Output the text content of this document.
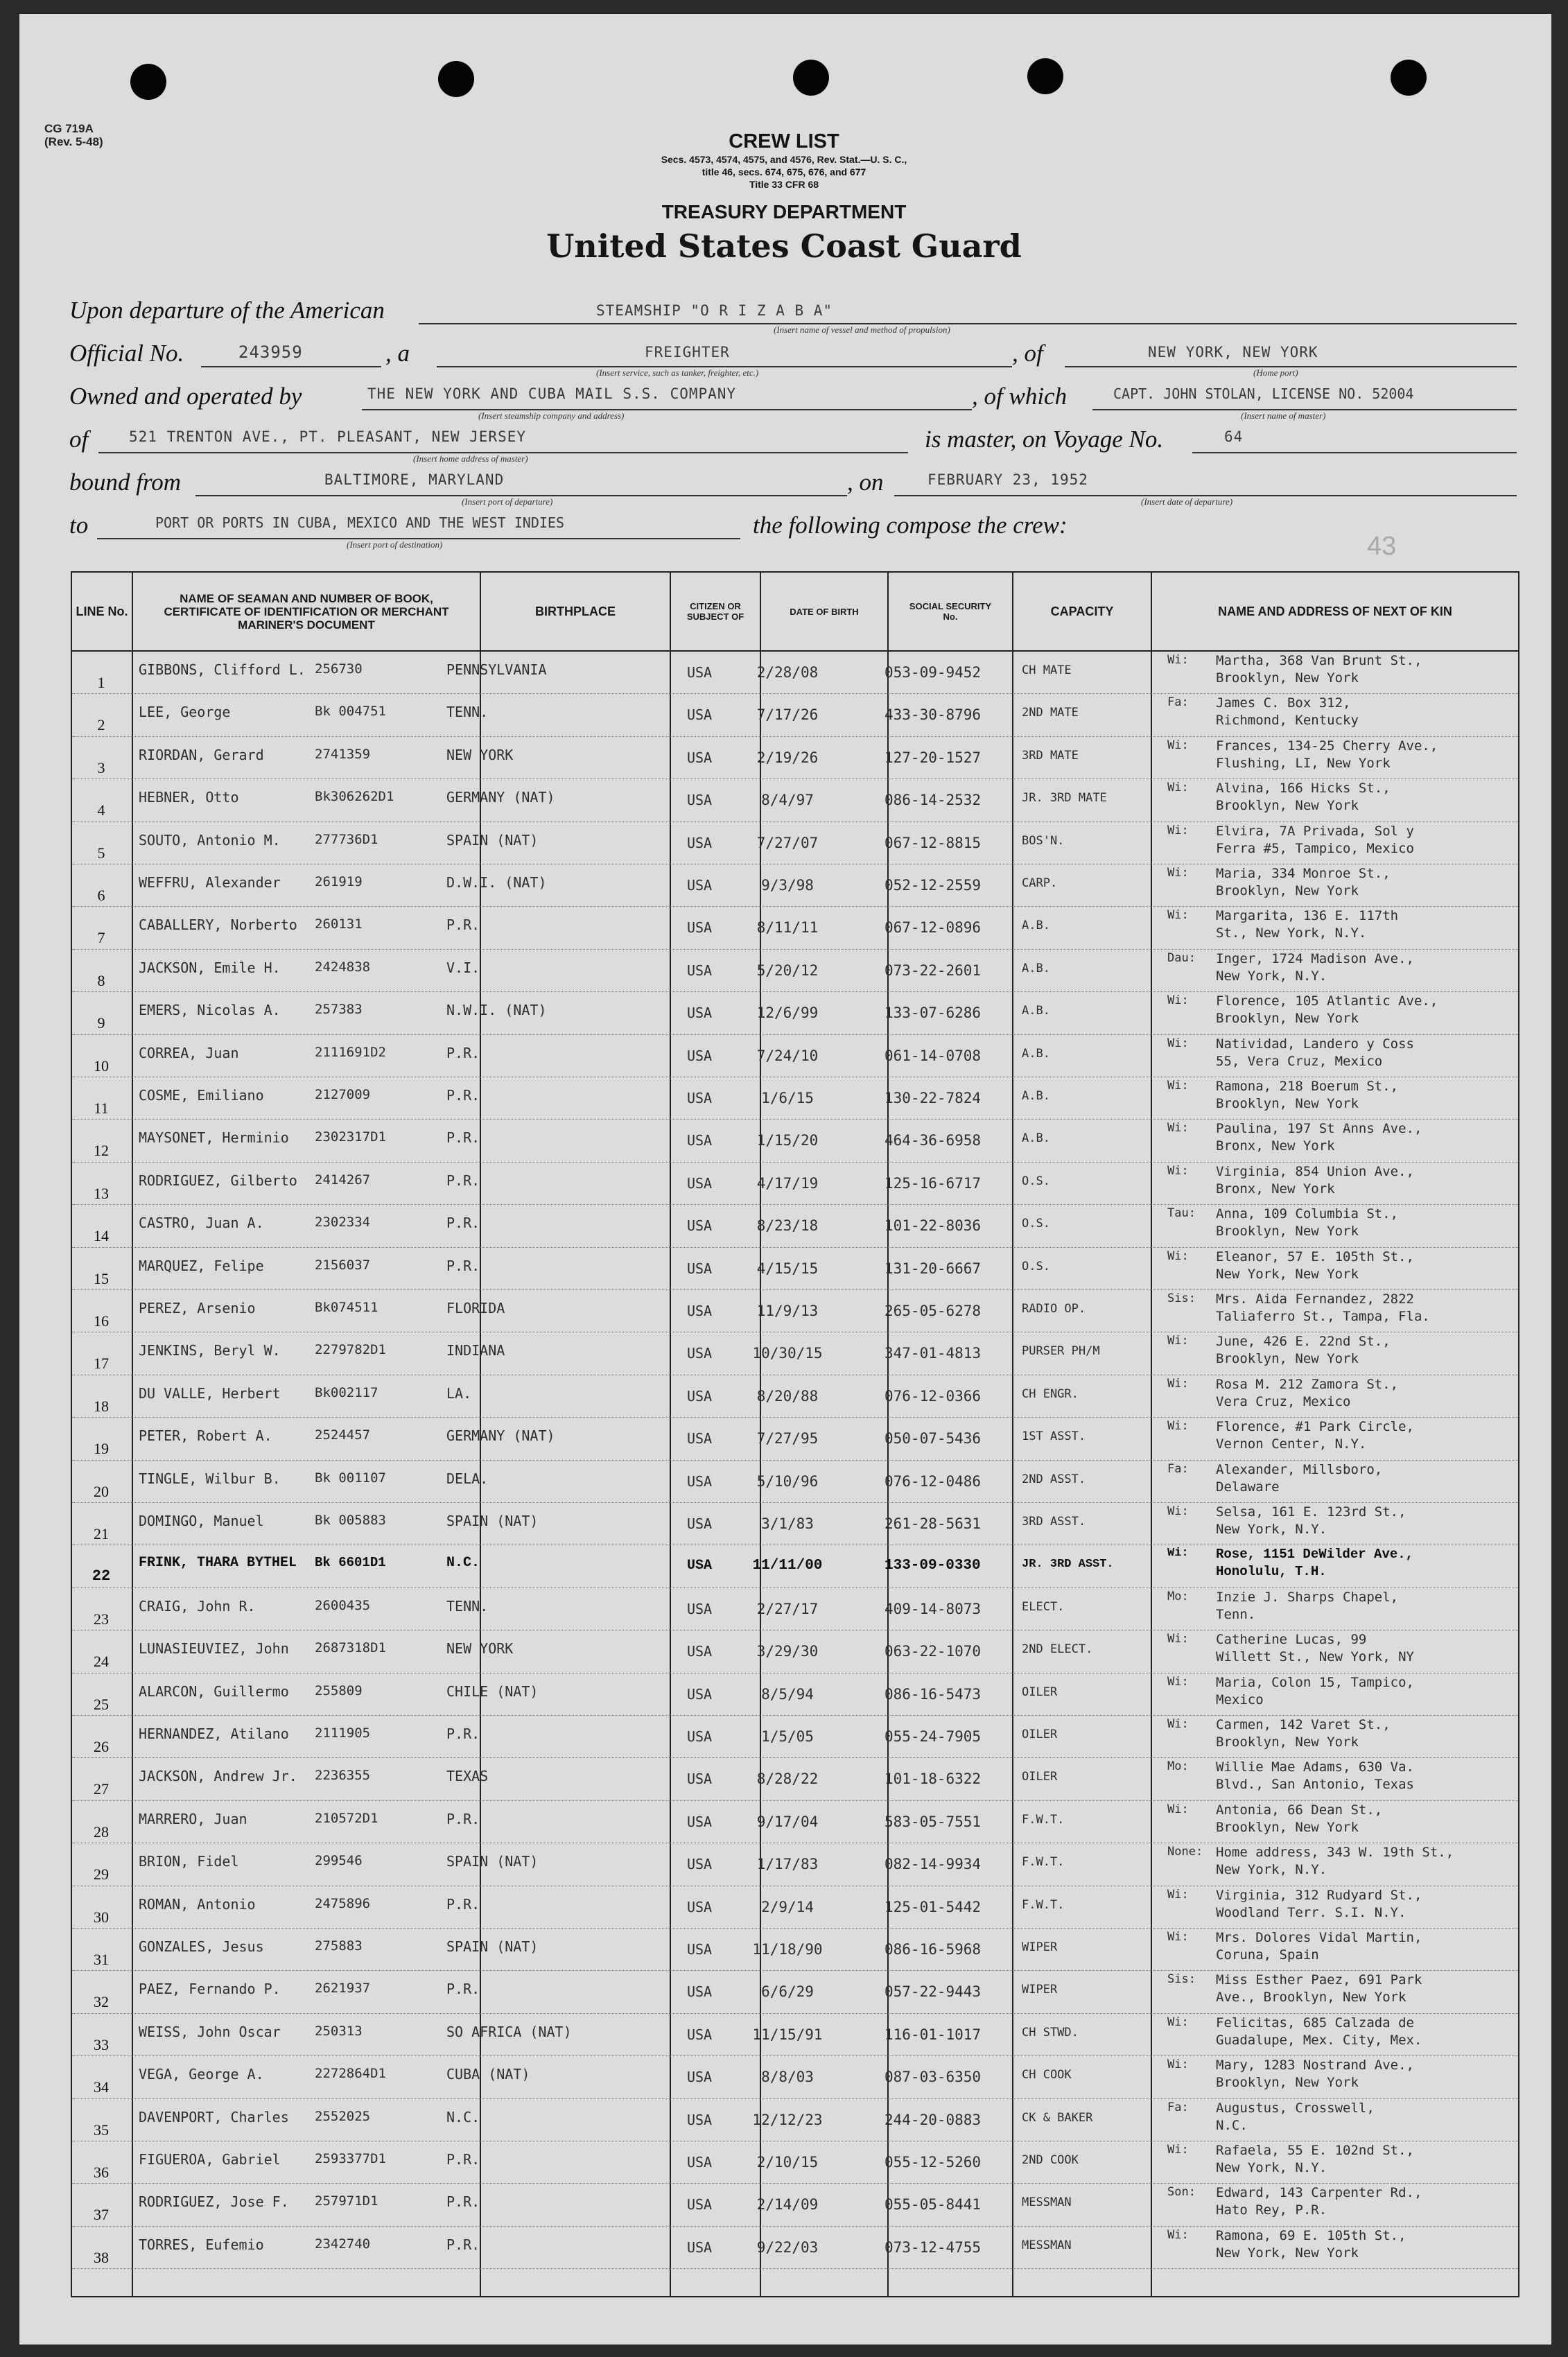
CG 719A
(Rev. 5-48)	CREW LIST
Secs. 4573, 4574, 4575, and 4576, Rev. Stat.—U. S. C.,
title 46, secs. 674, 675, 676, and 677
Title 33 CFR 68
TREASURY DEPARTMENT
United States Coast Guard
Upon departure of the American	STEAMSHIP "O R I Z A B A"
(Insert name of vessel and method of propulsion)
Official No.	243959	, a	FREIGHTER
(Insert service, such as tanker, freighter, etc.)
, of	NEW YORK, NEW YORK
(Home port)
Owned and operated by	THE NEW YORK AND CUBA MAIL S.S. COMPANY
(Insert steamship company and address)
, of which	CAPT. JOHN STOLAN, LICENSE NO. 52004
(Insert name of master)
of	521 TRENTON AVE., PT. PLEASANT, NEW JERSEY
(Insert home address of master)
is master, on Voyage No.	64
bound from	BALTIMORE, MARYLAND
(Insert port of departure)
, on	FEBRUARY 23, 1952
(Insert date of departure)
to	PORT OR PORTS IN CUBA, MEXICO AND THE WEST INDIES
(Insert port of destination)
the following compose the crew:
43
LINE No.
NAME OF SEAMAN AND NUMBER OF BOOK, CERTIFICATE OF IDENTIFICATION OR MERCHANT MARINER'S DOCUMENT
BIRTHPLACE	CITIZEN OR SUBJECT OF	DATE OF BIRTH	SOCIAL SECURITY No.	CAPACITY	NAME AND ADDRESS OF NEXT OF KIN
1
GIBBONS, Clifford L. 256730	PENNSYLVANIA	USA	2/28/08	053-09-9452	CH MATE
Wi:	Martha, 368 Van Brunt St.,
Brooklyn, New York
2
LEE, George	Bk 004751	TENN.	USA	7/17/26	433-30-8796	2ND MATE
Fa:	James C. Box 312,
Richmond, Kentucky
3
RIORDAN, Gerard	2741359	NEW YORK	USA	2/19/26	127-20-1527	3RD MATE
Wi:	Frances, 134-25 Cherry Ave.,
Flushing, LI, New York
4
HEBNER, Otto	Bk306262D1	GERMANY (NAT)	USA	8/4/97	086-14-2532	JR. 3RD MATE
Wi:	Alvina, 166 Hicks St.,
Brooklyn, New York
5
SOUTO, Antonio M.	277736D1	SPAIN (NAT)	USA	7/27/07	067-12-8815	BOS'N.
Wi:	Elvira, 7A Privada, Sol y
Ferra #5, Tampico, Mexico
6
WEFFRU, Alexander	261919	D.W.I. (NAT)	USA	9/3/98	052-12-2559	CARP.
Wi:	Maria, 334 Monroe St.,
Brooklyn, New York
7
CABALLERY, Norberto	260131	P.R.	USA	8/11/11	067-12-0896	A.B.
Wi:	Margarita, 136 E. 117th
St., New York, N.Y.
8
JACKSON, Emile H.	2424838	V.I.	USA	5/20/12	073-22-2601	A.B.
Dau:	Inger, 1724 Madison Ave.,
New York, N.Y.
9
EMERS, Nicolas A.	257383	N.W.I. (NAT)	USA	12/6/99	133-07-6286	A.B.
Wi:	Florence, 105 Atlantic Ave.,
Brooklyn, New York
10
CORREA, Juan	2111691D2	P.R.	USA	7/24/10	061-14-0708	A.B.
Wi:	Natividad, Landero y Coss
55, Vera Cruz, Mexico
11
COSME, Emiliano	2127009	P.R.	USA	1/6/15	130-22-7824	A.B.
Wi:	Ramona, 218 Boerum St.,
Brooklyn, New York
12
MAYSONET, Herminio	2302317D1	P.R.	USA	1/15/20	464-36-6958	A.B.
Wi:	Paulina, 197 St Anns Ave.,
Bronx, New York
13
RODRIGUEZ, Gilberto	2414267	P.R.	USA	4/17/19	125-16-6717	O.S.
Wi:	Virginia, 854 Union Ave.,
Bronx, New York
14
CASTRO, Juan A.	2302334	P.R.	USA	8/23/18	101-22-8036	O.S.
Tau:	Anna, 109 Columbia St.,
Brooklyn, New York
15
MARQUEZ, Felipe	2156037	P.R.	USA	4/15/15	131-20-6667	O.S.
Wi:	Eleanor, 57 E. 105th St.,
New York, New York
16
PEREZ, Arsenio	Bk074511	FLORIDA	USA	11/9/13	265-05-6278	RADIO OP.
Sis:	Mrs. Aida Fernandez, 2822
Taliaferro St., Tampa, Fla.
17
JENKINS, Beryl W.	2279782D1	INDIANA	USA	10/30/15	347-01-4813	PURSER PH/M
Wi:	June, 426 E. 22nd St.,
Brooklyn, New York
18
DU VALLE, Herbert	Bk002117	LA.	USA	8/20/88	076-12-0366	CH ENGR.
Wi:	Rosa M. 212 Zamora St.,
Vera Cruz, Mexico
19
PETER, Robert A.	2524457	GERMANY (NAT)	USA	7/27/95	050-07-5436	1ST ASST.
Wi:	Florence, #1 Park Circle,
Vernon Center, N.Y.
20
TINGLE, Wilbur B.	Bk 001107	DELA.	USA	5/10/96	076-12-0486	2ND ASST.
Fa:	Alexander, Millsboro,
Delaware
21
DOMINGO, Manuel	Bk 005883	SPAIN (NAT)	USA	3/1/83	261-28-5631	3RD ASST.
Wi:	Selsa, 161 E. 123rd St.,
New York, N.Y.
22
FRINK, THARA BYTHEL	Bk 6601D1	N.C.	USA	11/11/00	133-09-0330	JR. 3RD ASST.
Wi:	Rose, 1151 DeWilder Ave.,
Honolulu, T.H.
23
CRAIG, John R.	2600435	TENN.	USA	2/27/17	409-14-8073	ELECT.
Mo:	Inzie J. Sharps Chapel,
Tenn.
24
LUNASIEUVIEZ, John	2687318D1	NEW YORK	USA	3/29/30	063-22-1070	2ND ELECT.
Wi:	Catherine Lucas, 99
Willett St., New York, NY
25
ALARCON, Guillermo	255809	CHILE (NAT)	USA	8/5/94	086-16-5473	OILER
Wi:	Maria, Colon 15, Tampico,
Mexico
26
HERNANDEZ, Atilano	2111905	P.R.	USA	1/5/05	055-24-7905	OILER
Wi:	Carmen, 142 Varet St.,
Brooklyn, New York
27
JACKSON, Andrew Jr.	2236355	TEXAS	USA	8/28/22	101-18-6322	OILER
Mo:	Willie Mae Adams, 630 Va.
Blvd., San Antonio, Texas
28
MARRERO, Juan	210572D1	P.R.	USA	9/17/04	583-05-7551	F.W.T.
Wi:	Antonia, 66 Dean St.,
Brooklyn, New York
29
BRION, Fidel	299546	SPAIN (NAT)	USA	1/17/83	082-14-9934	F.W.T.
None: Home address, 343 W. 19th St.,
New York, N.Y.
30
ROMAN, Antonio	2475896	P.R.	USA	2/9/14	125-01-5442	F.W.T.
Wi:	Virginia, 312 Rudyard St.,
Woodland Terr. S.I. N.Y.
31
GONZALES, Jesus	275883	SPAIN (NAT)	USA	11/18/90	086-16-5968	WIPER
Wi:	Mrs. Dolores Vidal Martin,
Coruna, Spain
32
PAEZ, Fernando P.	2621937	P.R.	USA	6/6/29	057-22-9443	WIPER
Sis:	Miss Esther Paez, 691 Park
Ave., Brooklyn, New York
33
WEISS, John Oscar	250313	SO AFRICA (NAT)	USA	11/15/91	116-01-1017	CH STWD.
Wi:	Felicitas, 685 Calzada de
Guadalupe, Mex. City, Mex.
34
VEGA, George A.	2272864D1	CUBA (NAT)	USA	8/8/03	087-03-6350	CH COOK
Wi:	Mary, 1283 Nostrand Ave.,
Brooklyn, New York
35
DAVENPORT, Charles	2552025	N.C.	USA	12/12/23	244-20-0883	CK & BAKER
Fa:	Augustus, Crosswell,
N.C.
36
FIGUEROA, Gabriel	2593377D1	P.R.	USA	2/10/15	055-12-5260	2ND COOK
Wi:	Rafaela, 55 E. 102nd St.,
New York, N.Y.
37
RODRIGUEZ, Jose F.	257971D1	P.R.	USA	2/14/09	055-05-8441	MESSMAN
Son:	Edward, 143 Carpenter Rd.,
Hato Rey, P.R.
38
TORRES, Eufemio	2342740	P.R.	USA	9/22/03	073-12-4755	MESSMAN
Wi:	Ramona, 69 E. 105th St.,
New York, New York
